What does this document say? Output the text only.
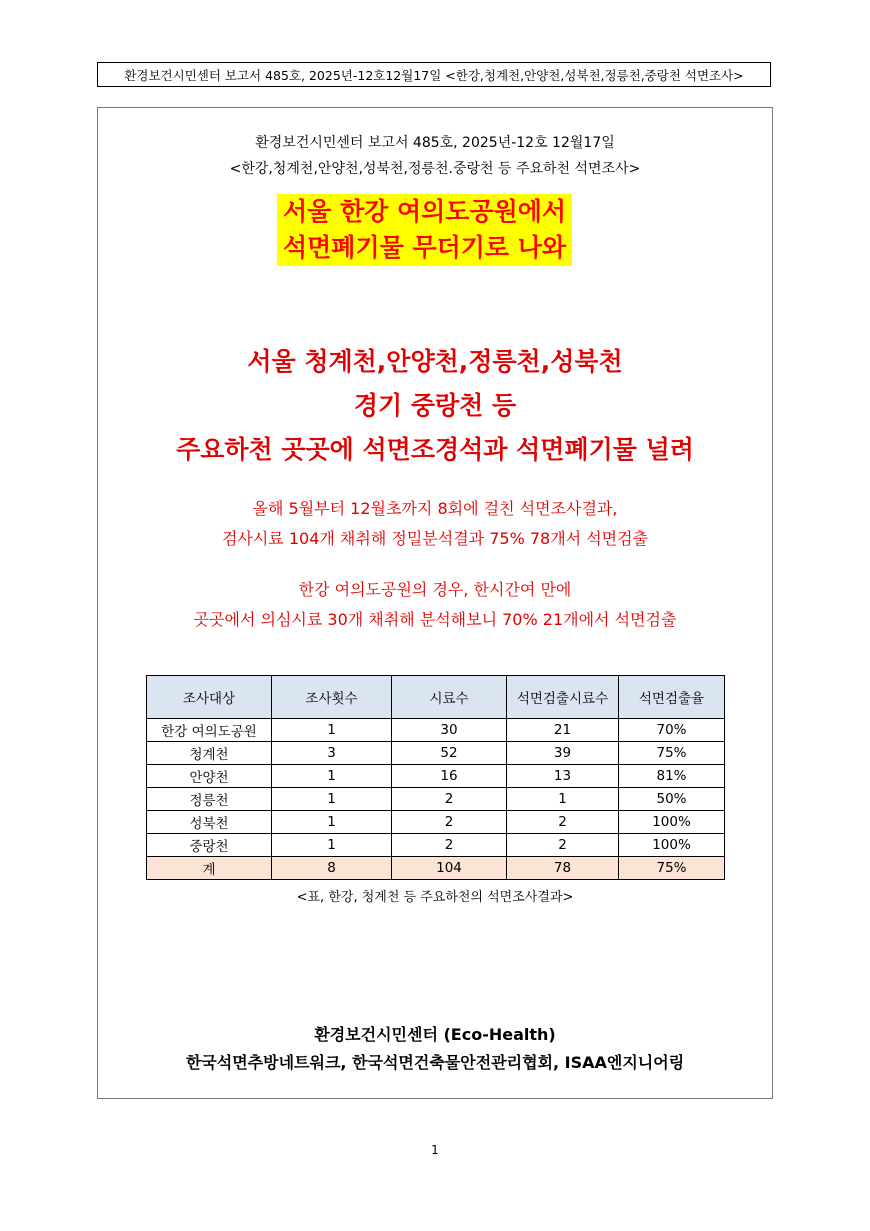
환경보건시민센터 보고서 485호, 2025년-12호12월17일 <한강,청계천,안양천,성북천,정릉천,중랑천 석면조사>
환경보건시민센터 보고서 485호, 2025년-12호 12월17일
<한강,청계천,안양천,성북천,정릉천.중랑천 등 주요하천 석면조사>
서울 한강 여의도공원에서
석면폐기물 무더기로 나와
서울 청계천,안양천,정릉천,성북천
경기 중랑천 등
주요하천 곳곳에 석면조경석과 석면폐기물 널려
올해 5월부터 12월초까지 8회에 걸친 석면조사결과,
검사시료 104개 채취해 정밀분석결과 75% 78개서 석면검출
한강 여의도공원의 경우, 한시간여 만에
곳곳에서 의심시료 30개 채취해 분석해보니 70% 21개에서 석면검출
조사대상	조사횟수	시료수	석면검출시료수	석면검출율
한강 여의도공원	1	30	21	70%
청계천	3	52	39	75%
안양천	1	16	13	81%
정릉천	1	2	1	50%
성북천	1	2	2	100%
중랑천	1	2	2	100%
계	8	104	78	75%
<표, 한강, 청계천 등 주요하천의 석면조사결과>
환경보건시민센터 (Eco-Health)
한국석면추방네트워크, 한국석면건축물안전관리협회, ISAA엔지니어링
1
